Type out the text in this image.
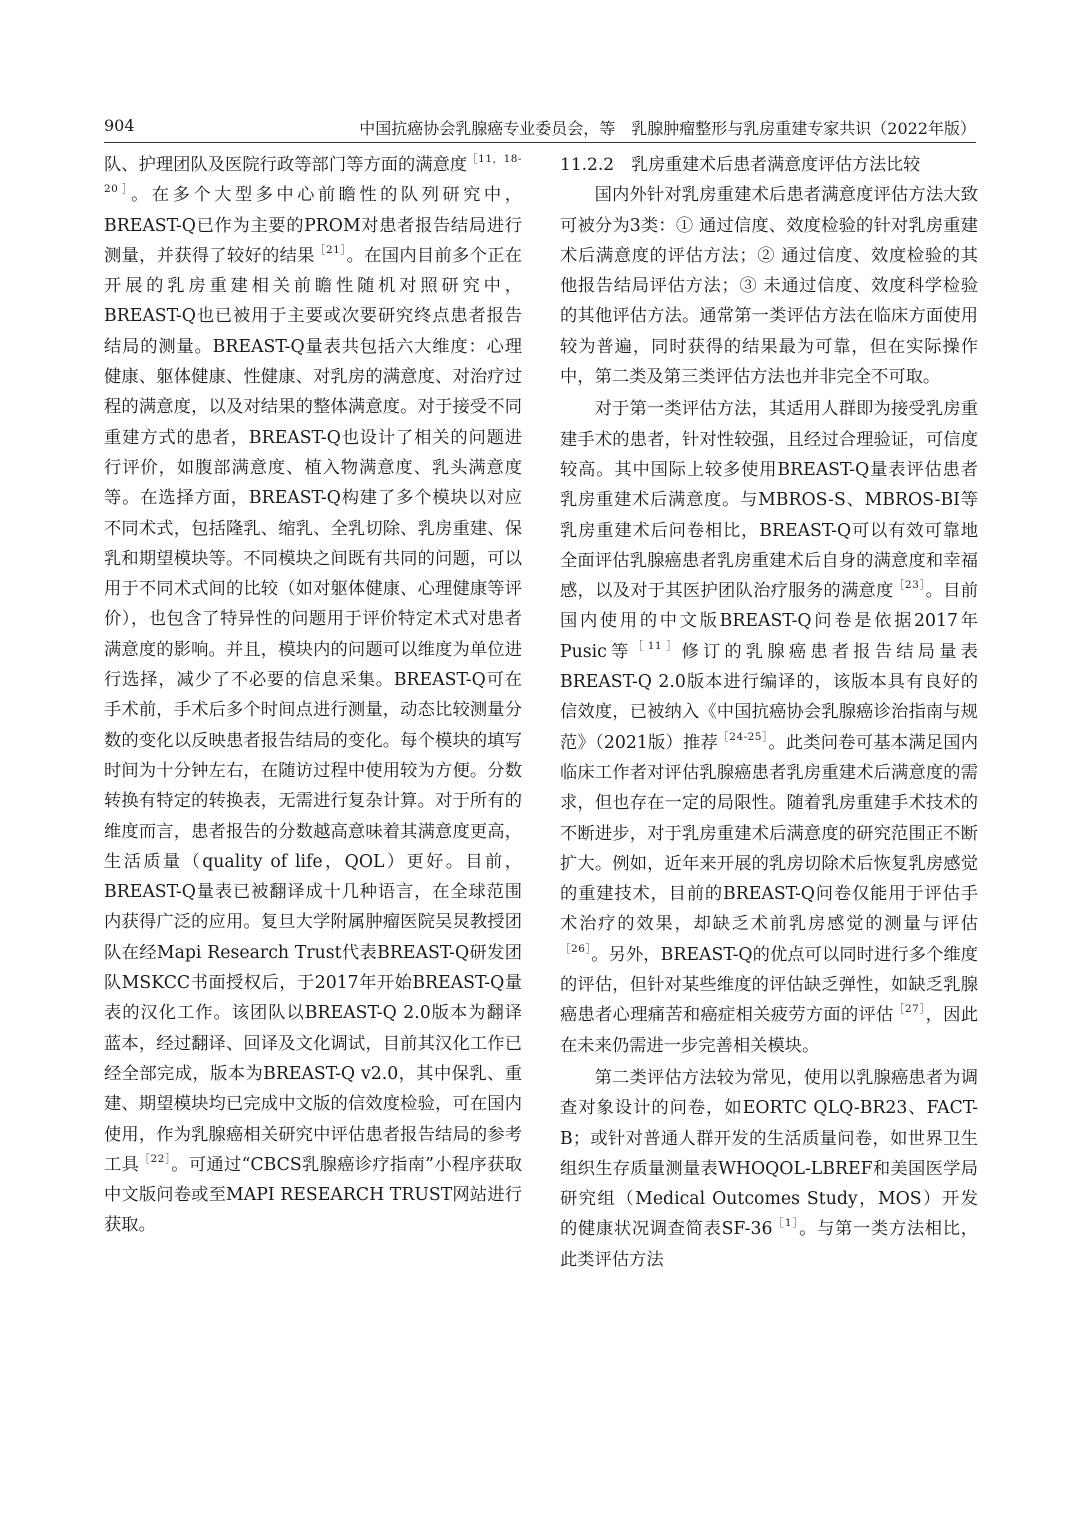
904	中国抗癌协会乳腺癌专业委员会，等　乳腺肿瘤整形与乳房重建专家共识（2022年版）

队、护理团队及医院行政等部门等方面的满意度$^{[11,18-20]}$。在多个大型多中心前瞻性的队列研究中，BREAST-Q已作为主要的PROM对患者报告结局进行测量，并获得了较好的结果$^{[21]}$。在国内目前多个正在开展的乳房重建相关前瞻性随机对照研究中，BREAST-Q也已被用于主要或次要研究终点患者报告结局的测量。BREAST-Q量表共包括六大维度：心理健康、躯体健康、性健康、对乳房的满意度、对治疗过程的满意度，以及对结果的整体满意度。对于接受不同重建方式的患者，BREAST-Q也设计了相关的问题进行评价，如腹部满意度、植入物满意度、乳头满意度等。在选择方面，BREAST-Q构建了多个模块以对应不同术式，包括隆乳、缩乳、全乳切除、乳房重建、保乳和期望模块等。不同模块之间既有共同的问题，可以用于不同术式间的比较（如对躯体健康、心理健康等评价），也包含了特异性的问题用于评价特定术式对患者满意度的影响。并且，模块内的问题可以维度为单位进行选择，减少了不必要的信息采集。BREAST-Q可在手术前，手术后多个时间点进行测量，动态比较测量分数的变化以反映患者报告结局的变化。每个模块的填写时间为十分钟左右，在随访过程中使用较为方便。分数转换有特定的转换表，无需进行复杂计算。对于所有的维度而言，患者报告的分数越高意味着其满意度更高，生活质量（quality of life，QOL）更好。目前，BREAST-Q量表已被翻译成十几种语言，在全球范围内获得广泛的应用。复旦大学附属肿瘤医院吴炅教授团队在经Mapi Research Trust代表BREAST-Q研发团队MSKCC书面授权后，于2017年开始BREAST-Q量表的汉化工作。该团队以BREAST-Q 2.0版本为翻译蓝本，经过翻译、回译及文化调试，目前其汉化工作已经全部完成，版本为BREAST-Q v2.0，其中保乳、重建、期望模块均已完成中文版的信效度检验，可在国内使用，作为乳腺癌相关研究中评估患者报告结局的参考工具$^{[22]}$。可通过“CBCS乳腺癌诊疗指南”小程序获取中文版问卷或至MAPI RESEARCH TRUST网站进行获取。

11.2.2　乳房重建术后患者满意度评估方法比较

国内外针对乳房重建术后患者满意度评估方法大致可被分为3类：① 通过信度、效度检验的针对乳房重建术后满意度的评估方法；② 通过信度、效度检验的其他报告结局评估方法；③ 未通过信度、效度科学检验的其他评估方法。通常第一类评估方法在临床方面使用较为普遍，同时获得的结果最为可靠，但在实际操作中，第二类及第三类评估方法也并非完全不可取。

对于第一类评估方法，其适用人群即为接受乳房重建手术的患者，针对性较强，且经过合理验证，可信度较高。其中国际上较多使用BREAST-Q量表评估患者乳房重建术后满意度。与MBROS-S、MBROS-BI等乳房重建术后问卷相比，BREAST-Q可以有效可靠地全面评估乳腺癌患者乳房重建术后自身的满意度和幸福感，以及对于其医护团队治疗服务的满意度$^{[23]}$。目前国内使用的中文版BREAST-Q问卷是依据2017年Pusic等$^{[11]}$修订的乳腺癌患者报告结局量表BREAST-Q 2.0版本进行编译的，该版本具有良好的信效度，已被纳入《中国抗癌协会乳腺癌诊治指南与规范》（2021版）推荐$^{[24-25]}$。此类问卷可基本满足国内临床工作者对评估乳腺癌患者乳房重建术后满意度的需求，但也存在一定的局限性。随着乳房重建手术技术的不断进步，对于乳房重建术后满意度的研究范围正不断扩大。例如，近年来开展的乳房切除术后恢复乳房感觉的重建技术，目前的BREAST-Q问卷仅能用于评估手术治疗的效果，却缺乏术前乳房感觉的测量与评估$^{[26]}$。另外，BREAST-Q的优点可以同时进行多个维度的评估，但针对某些维度的评估缺乏弹性，如缺乏乳腺癌患者心理痛苦和癌症相关疲劳方面的评估$^{[27]}$，因此在未来仍需进一步完善相关模块。

第二类评估方法较为常见，使用以乳腺癌患者为调查对象设计的问卷，如EORTC QLQ-BR23、FACT-B；或针对普通人群开发的生活质量问卷，如世界卫生组织生存质量测量表WHOQOL-LBREF和美国医学局研究组（Medical Outcomes Study，MOS）开发的健康状况调查简表SF-36$^{[1]}$。与第一类方法相比，此类评估方法
